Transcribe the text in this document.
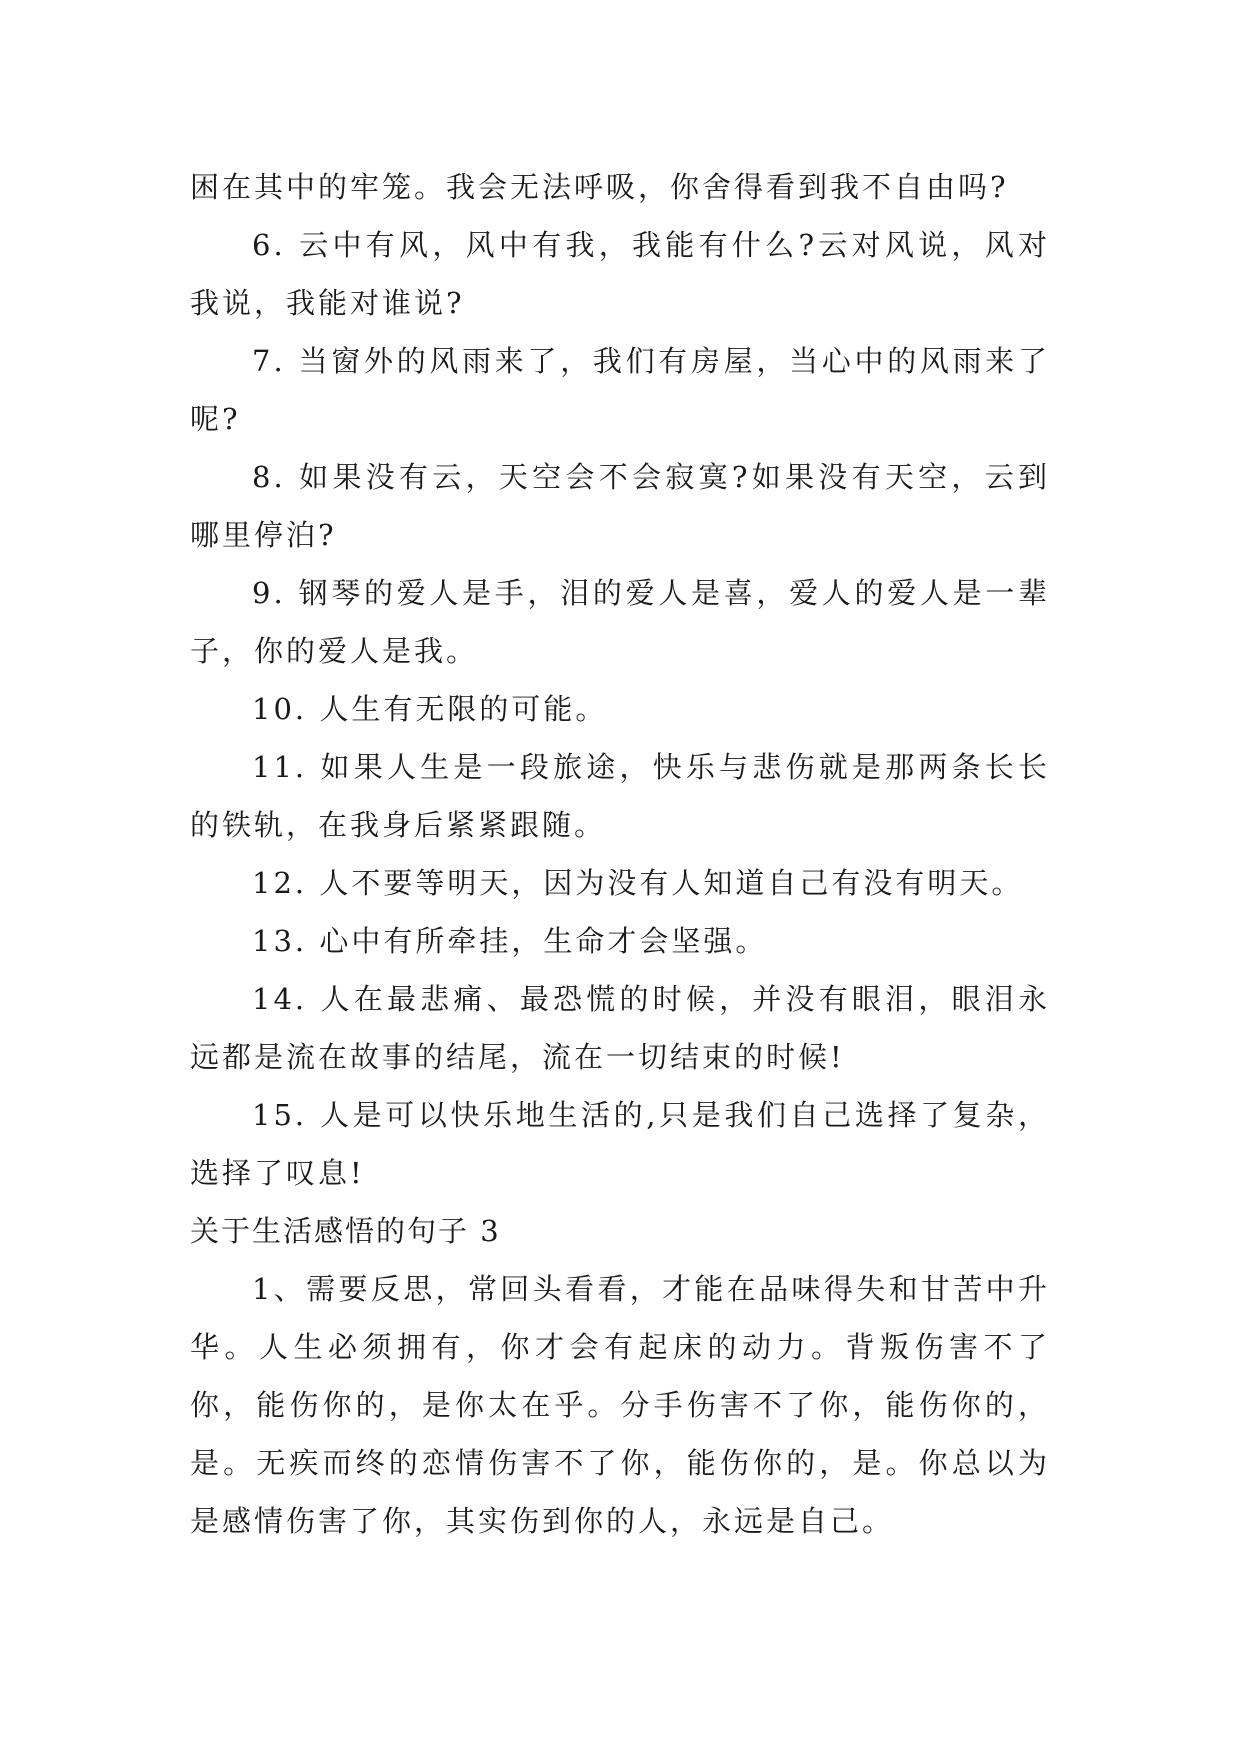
困在其中的牢笼。我会无法呼吸，你舍得看到我不自由吗?

6. 云中有风，风中有我，我能有什么?云对风说，风对我说，我能对谁说?

7. 当窗外的风雨来了，我们有房屋，当心中的风雨来了呢?

8. 如果没有云，天空会不会寂寞?如果没有天空，云到哪里停泊?

9. 钢琴的爱人是手，泪的爱人是喜，爱人的爱人是一辈子，你的爱人是我。

10. 人生有无限的可能。

11. 如果人生是一段旅途，快乐与悲伤就是那两条长长的铁轨，在我身后紧紧跟随。

12. 人不要等明天，因为没有人知道自己有没有明天。

13. 心中有所牵挂，生命才会坚强。

14. 人在最悲痛、最恐慌的时候，并没有眼泪，眼泪永远都是流在故事的结尾，流在一切结束的时候!

15. 人是可以快乐地生活的,只是我们自己选择了复杂，选择了叹息!

关于生活感悟的句子 3

1、需要反思，常回头看看，才能在品味得失和甘苦中升华。人生必须拥有，你才会有起床的动力。背叛伤害不了你，能伤你的，是你太在乎。分手伤害不了你，能伤你的，是。无疾而终的恋情伤害不了你，能伤你的，是。你总以为是感情伤害了你，其实伤到你的人，永远是自己。
